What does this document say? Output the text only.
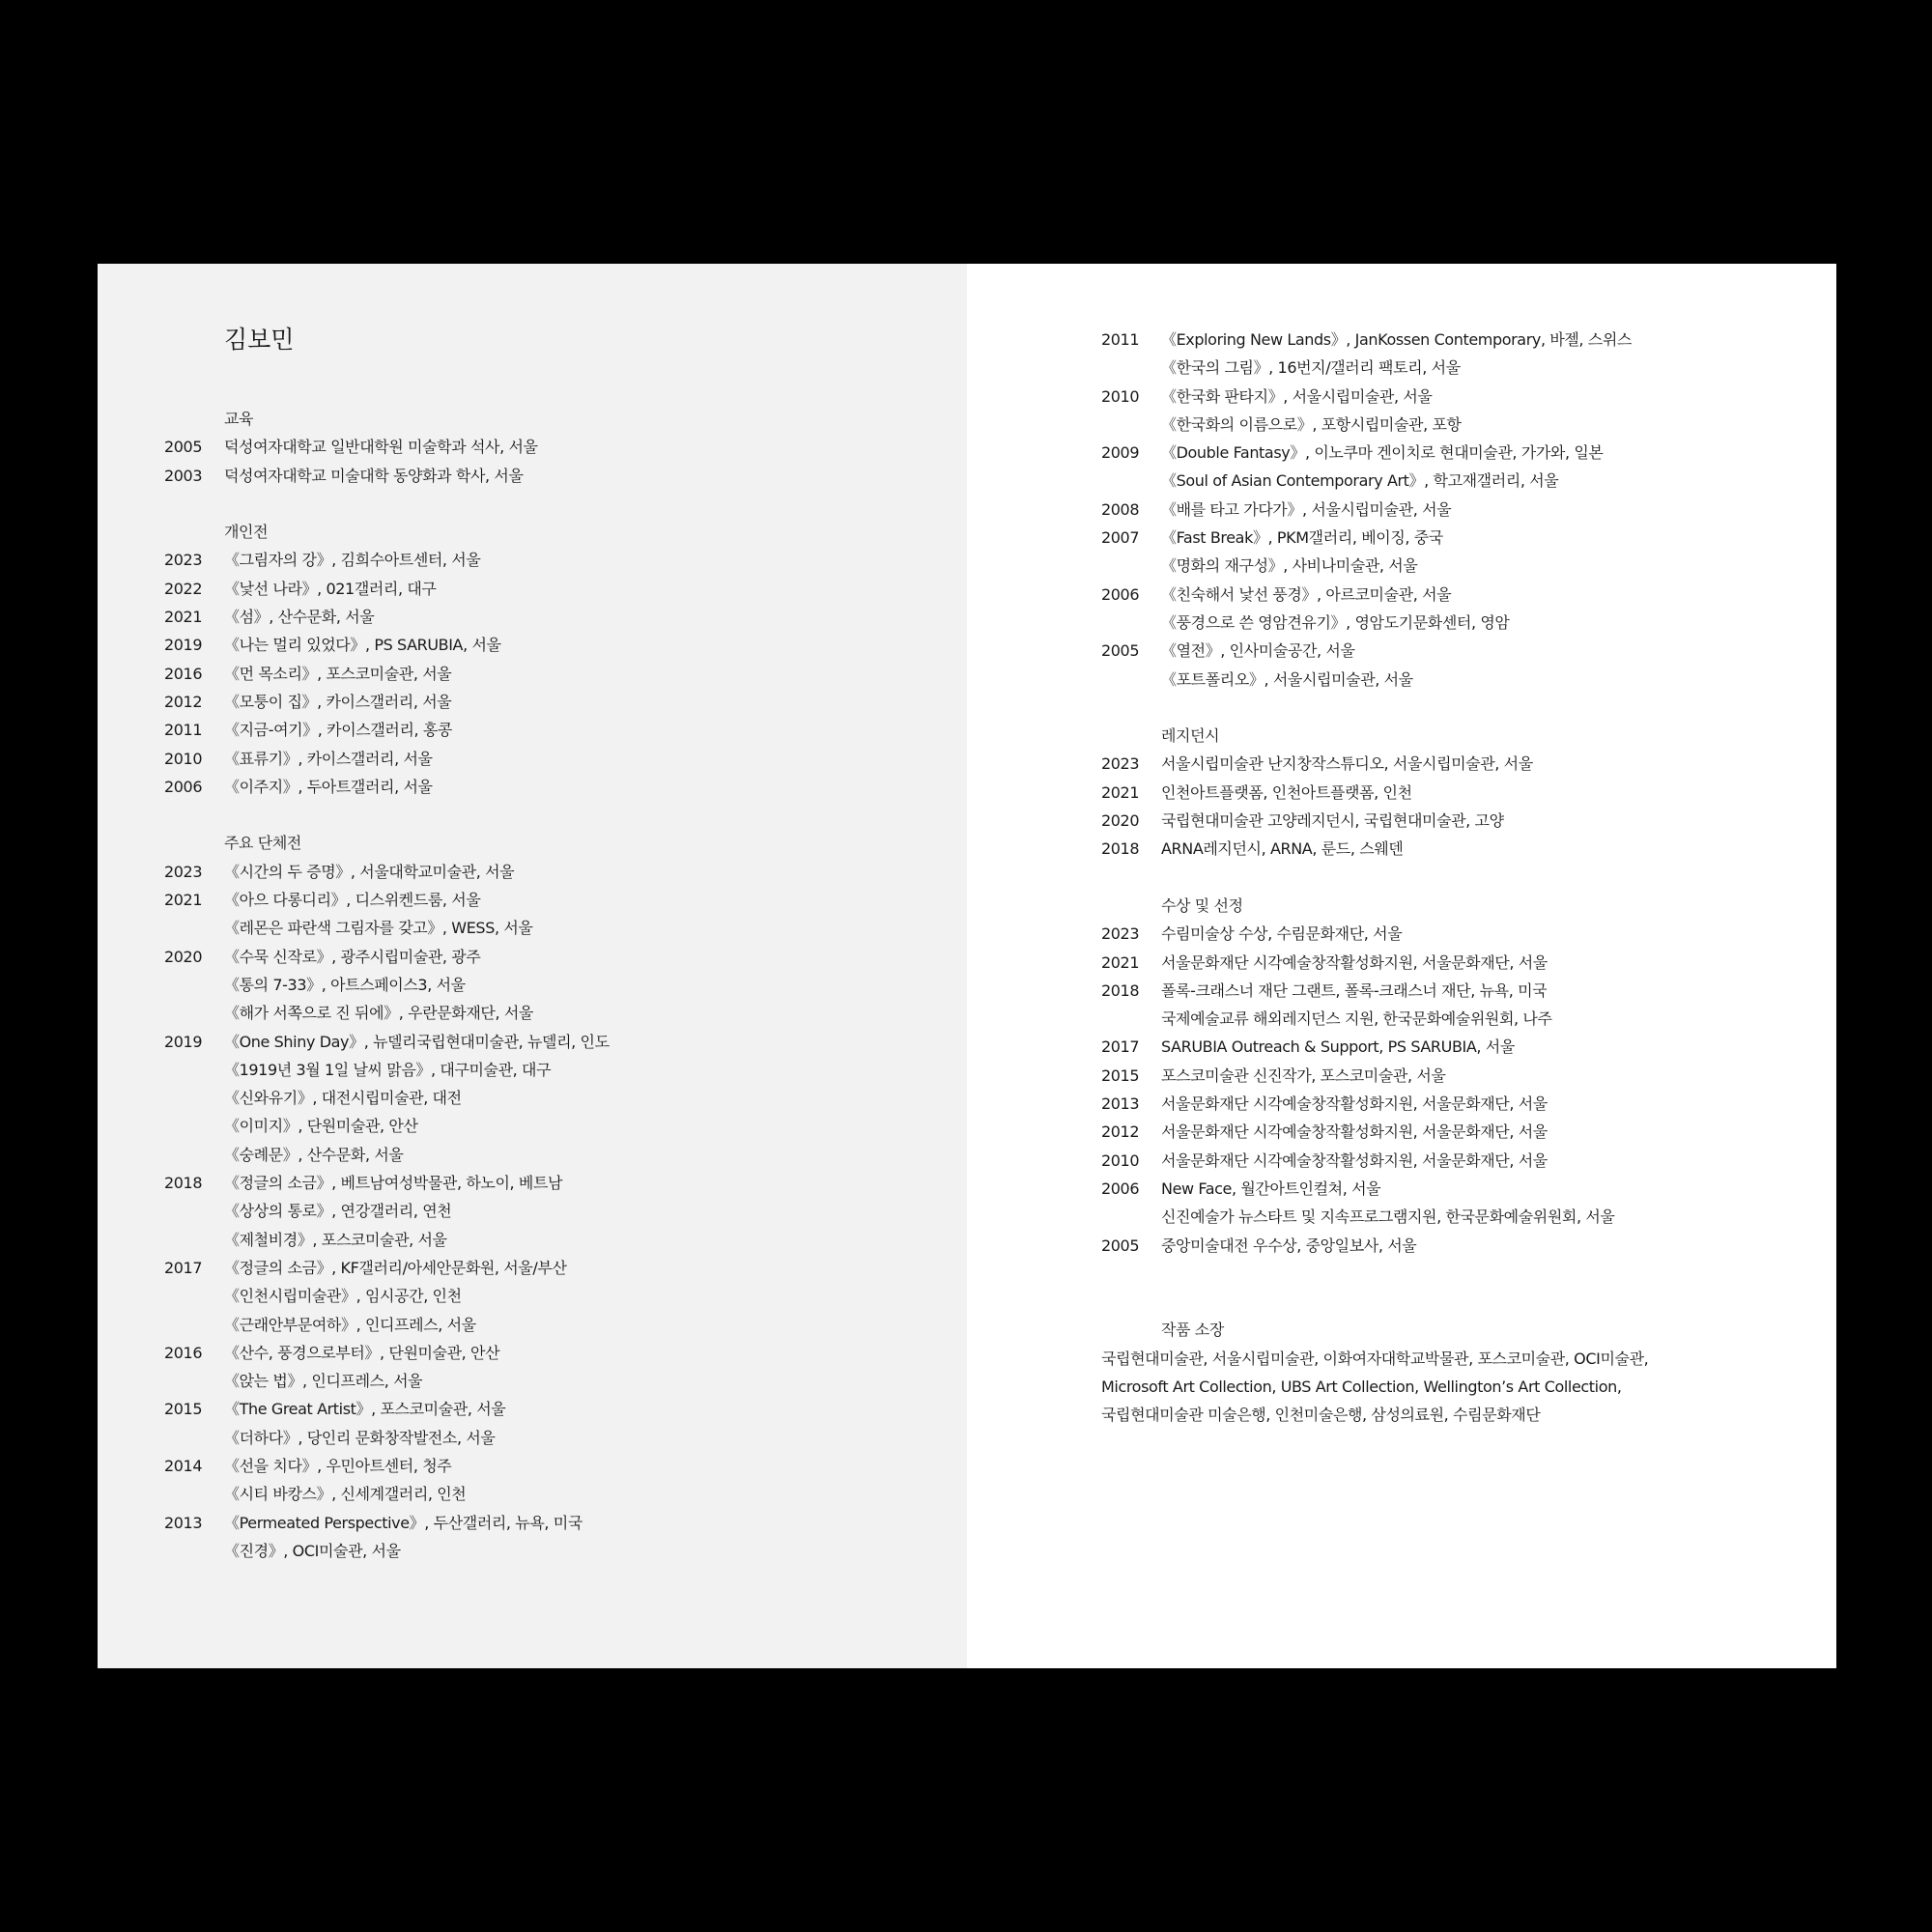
김보민
교육
2005 덕성여자대학교 일반대학원 미술학과 석사, 서울
2003 덕성여자대학교 미술대학 동양화과 학사, 서울
개인전
2023 《그림자의 강》, 김희수아트센터, 서울
2022 《낯선 나라》, 021갤러리, 대구
2021 《섬》, 산수문화, 서울
2019 《나는 멀리 있었다》, PS SARUBIA, 서울
2016 《먼 목소리》, 포스코미술관, 서울
2012 《모퉁이 집》, 카이스갤러리, 서울
2011 《지금-여기》, 카이스갤러리, 홍콩
2010 《표류기》, 카이스갤러리, 서울
2006 《이주지》, 두아트갤러리, 서울
주요 단체전
2023 《시간의 두 증명》, 서울대학교미술관, 서울
2021 《아으 다롱디리》, 디스위켄드룸, 서울
《레몬은 파란색 그림자를 갖고》, WESS, 서울
2020 《수묵 신작로》, 광주시립미술관, 광주
《통의 7-33》, 아트스페이스3, 서울
《해가 서쪽으로 진 뒤에》, 우란문화재단, 서울
2019 《One Shiny Day》, 뉴델리국립현대미술관, 뉴델리, 인도
《1919년 3월 1일 날씨 맑음》, 대구미술관, 대구
《신와유기》, 대전시립미술관, 대전
《이미지》, 단원미술관, 안산
《숭례문》, 산수문화, 서울
2018 《정글의 소금》, 베트남여성박물관, 하노이, 베트남
《상상의 통로》, 연강갤러리, 연천
《제철비경》, 포스코미술관, 서울
2017 《정글의 소금》, KF갤러리/아세안문화원, 서울/부산
《인천시립미술관》, 임시공간, 인천
《근래안부문여하》, 인디프레스, 서울
2016 《산수, 풍경으로부터》, 단원미술관, 안산
《앉는 법》, 인디프레스, 서울
2015 《The Great Artist》, 포스코미술관, 서울
《더하다》, 당인리 문화창작발전소, 서울
2014 《선을 치다》, 우민아트센터, 청주
《시티 바캉스》, 신세계갤러리, 인천
2013 《Permeated Perspective》, 두산갤러리, 뉴욕, 미국
《진경》, OCI미술관, 서울
2011 《Exploring New Lands》, JanKossen Contemporary, 바젤, 스위스
《한국의 그림》, 16번지/갤러리 팩토리, 서울
2010 《한국화 판타지》, 서울시립미술관, 서울
《한국화의 이름으로》, 포항시립미술관, 포항
2009 《Double Fantasy》, 이노쿠마 겐이치로 현대미술관, 가가와, 일본
《Soul of Asian Contemporary Art》, 학고재갤러리, 서울
2008 《배를 타고 가다가》, 서울시립미술관, 서울
2007 《Fast Break》, PKM갤러리, 베이징, 중국
《명화의 재구성》, 사비나미술관, 서울
2006 《친숙해서 낯선 풍경》, 아르코미술관, 서울
《풍경으로 쓴 영암견유기》, 영암도기문화센터, 영암
2005 《열전》, 인사미술공간, 서울
《포트폴리오》, 서울시립미술관, 서울
레지던시
2023 서울시립미술관 난지창작스튜디오, 서울시립미술관, 서울
2021 인천아트플랫폼, 인천아트플랫폼, 인천
2020 국립현대미술관 고양레지던시, 국립현대미술관, 고양
2018 ARNA레지던시, ARNA, 룬드, 스웨덴
수상 및 선정
2023 수림미술상 수상, 수림문화재단, 서울
2021 서울문화재단 시각예술창작활성화지원, 서울문화재단, 서울
2018 폴록-크래스너 재단 그랜트, 폴록-크래스너 재단, 뉴욕, 미국
국제예술교류 해외레지던스 지원, 한국문화예술위원회, 나주
2017 SARUBIA Outreach & Support, PS SARUBIA, 서울
2015 포스코미술관 신진작가, 포스코미술관, 서울
2013 서울문화재단 시각예술창작활성화지원, 서울문화재단, 서울
2012 서울문화재단 시각예술창작활성화지원, 서울문화재단, 서울
2010 서울문화재단 시각예술창작활성화지원, 서울문화재단, 서울
2006 New Face, 월간아트인컬쳐, 서울
신진예술가 뉴스타트 및 지속프로그램지원, 한국문화예술위원회, 서울
2005 중앙미술대전 우수상, 중앙일보사, 서울
작품 소장
국립현대미술관, 서울시립미술관, 이화여자대학교박물관, 포스코미술관, OCI미술관,
Microsoft Art Collection, UBS Art Collection, Wellington’s Art Collection,
국립현대미술관 미술은행, 인천미술은행, 삼성의료원, 수림문화재단
